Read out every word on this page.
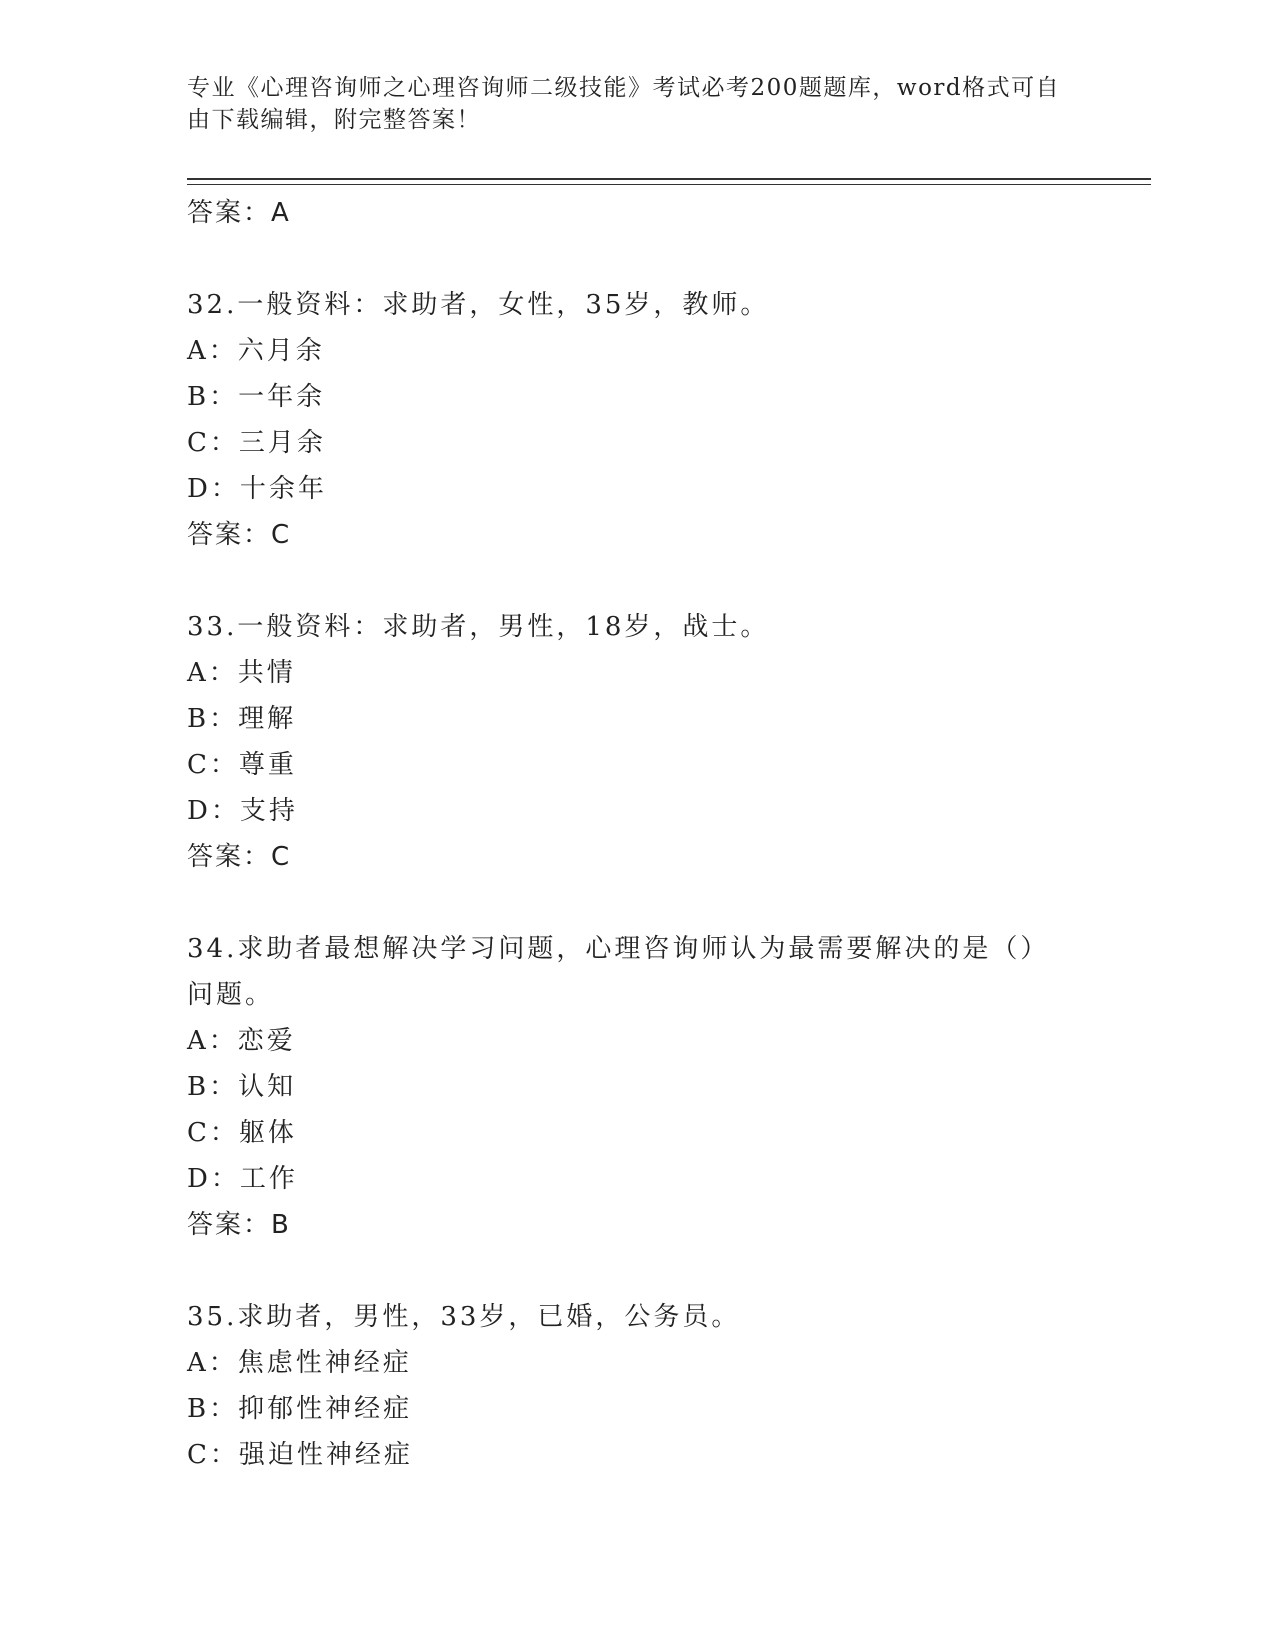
专业《心理咨询师之心理咨询师二级技能》考试必考200题题库，word格式可自由下载编辑，附完整答案！
答案：A
32.一般资料：求助者，女性，35岁，教师。
A：六月余
B：一年余
C：三月余
D：十余年
答案：C
33.一般资料：求助者，男性，18岁，战士。
A：共情
B：理解
C：尊重
D：支持
答案：C
34.求助者最想解决学习问题，心理咨询师认为最需要解决的是（）问题。
A：恋爱
B：认知
C：躯体
D：工作
答案：B
35.求助者，男性，33岁，已婚，公务员。
A：焦虑性神经症
B：抑郁性神经症
C：强迫性神经症
